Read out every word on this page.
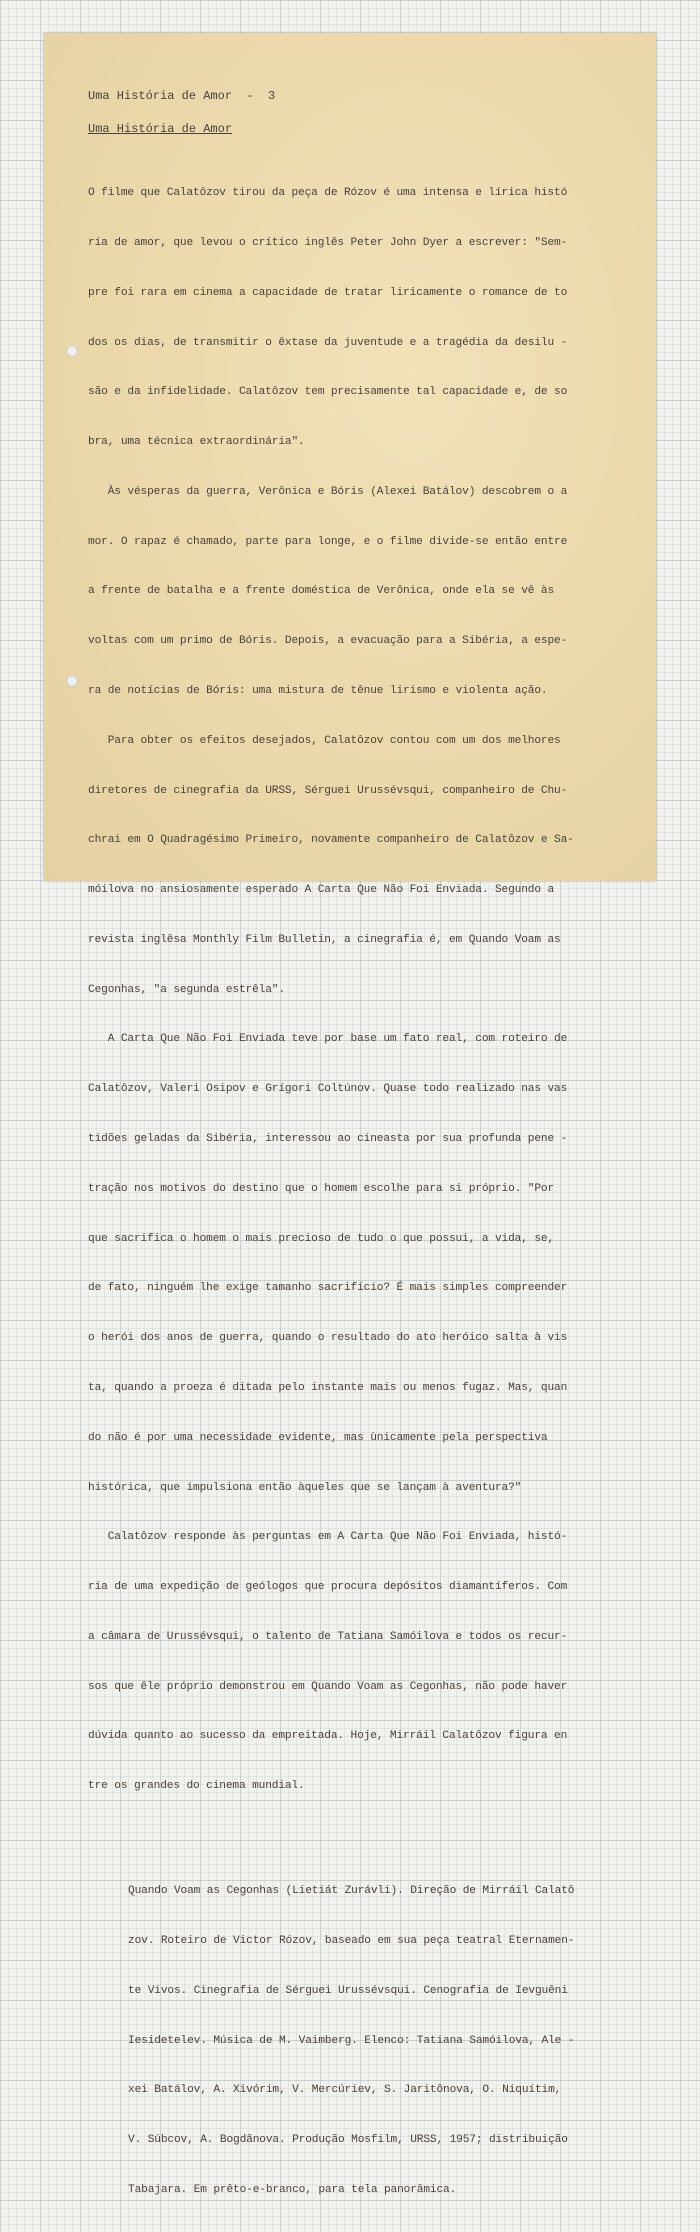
Uma História de Amor  -  3
Uma História de Amor

O filme que Calatôzov tirou da peça de Rózov é uma intensa e lírica histó

ria de amor, que levou o crítico inglês Peter John Dyer a escrever: "Sem-

pre foi rara em cinema a capacidade de tratar liricamente o romance de to

dos os dias, de transmitir o êxtase da juventude e a tragédia da desilu -

são e da infidelidade. Calatôzov tem precisamente tal capacidade e, de so

bra, uma técnica extraordinária".

Às vésperas da guerra, Verônica e Bóris (Alexei Batálov) descobrem o a

mor. O rapaz é chamado, parte para longe, e o filme divide-se então entre

a frente de batalha e a frente doméstica de Verônica, onde ela se vê às

voltas com um primo de Bóris. Depois, a evacuação para a Sibéria, a espe-

ra de notícias de Bóris: uma mistura de tênue lirismo e violenta ação.

Para obter os efeitos desejados, Calatôzov contou com um dos melhores

diretores de cinegrafia da URSS, Sérguei Urussévsqui, companheiro de Chu-

chrai em O Quadragésimo Primeiro, novamente companheiro de Calatôzov e Sa-

móilova no ansiosamente esperado A Carta Que Não Foi Enviada. Segundo a

revista inglêsa Monthly Film Bulletin, a cinegrafia é, em Quando Voam as

Cegonhas, "a segunda estrêla".

A Carta Que Não Foi Enviada teve por base um fato real, com roteiro de

Calatôzov, Valeri Osipov e Grígori Coltúnov. Quase todo realizado nas vas

tidões geladas da Sibéria, interessou ao cineasta por sua profunda pene -

tração nos motivos do destino que o homem escolhe para si próprio. "Por

que sacrifica o homem o mais precioso de tudo o que possui, a vida, se,

de fato, ninguém lhe exige tamanho sacrifício? É mais simples compreender

o herói dos anos de guerra, quando o resultado do ato heróico salta à vis

ta, quando a proeza é ditada pelo instante mais ou menos fugaz. Mas, quan

do não é por uma necessidade evidente, mas ùnicamente pela perspectiva

histórica, que impulsiona então àqueles que se lançam à aventura?"

Calatôzov responde às perguntas em A Carta Que Não Foi Enviada, histó-

ria de uma expedição de geólogos que procura depósitos diamantíferos. Com

a câmara de Urussévsqui, o talento de Tatiana Samóilova e todos os recur-

sos que êle próprio demonstrou em Quando Voam as Cegonhas, não pode haver

dúvida quanto ao sucesso da empreitada. Hoje, Mirráil Calatôzov figura en

tre os grandes do cinema mundial.

Quando Voam as Cegonhas (Lietiát Zurávli). Direção de Mirráil Calatô

zov. Roteiro de Victor Rózov, baseado em sua peça teatral Eternamen-

te Vivos. Cinegrafia de Sérguei Urussévsqui. Cenografia de Ievguêni

Iesidetelev. Música de M. Vaimberg. Elenco: Tatiana Samóilova, Ale -

xei Batálov, A. Xivórim, V. Mercúriev, S. Jaritônova, O. Niquítim,

V. Súbcov, A. Bogdânova. Produção Mosfilm, URSS, 1957; distribuição

Tabajara. Em prêto-e-branco, para tela panorâmica.
